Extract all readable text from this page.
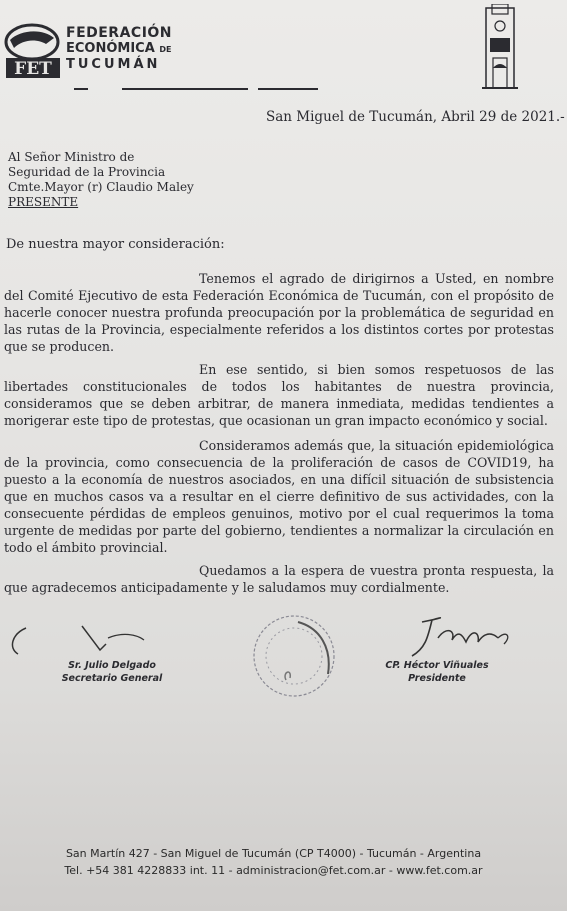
FET
FEDERACIÓN
ECONÓMICA DE
TUCUMÁN
San Miguel de Tucumán, Abril 29 de 2021.-
Al Señor Ministro de
Seguridad de la Provincia
Cmte.Mayor (r) Claudio Maley
PRESENTE
De nuestra mayor consideración:
Tenemos el agrado de dirigirnos a Usted, en nombre del Comité Ejecutivo de esta Federación Económica de Tucumán, con el propósito de hacerle conocer nuestra profunda preocupación por la problemática de seguridad en las rutas de la Provincia, especialmente referidos a los distintos cortes por protestas que se producen.
En ese sentido, si bien somos respetuosos de las libertades constitucionales de todos los habitantes de nuestra provincia, consideramos que se deben arbitrar, de manera inmediata, medidas tendientes a morigerar este tipo de protestas, que ocasionan un gran impacto económico y social.
Consideramos además que, la situación epidemiológica de la provincia, como consecuencia de la proliferación de casos de COVID19, ha puesto a la economía de nuestros asociados, en una difícil situación de subsistencia que en muchos casos va a resultar en el cierre definitivo de sus actividades, con la consecuente pérdidas de empleos genuinos, motivo por el cual requerimos la toma urgente de medidas por parte del gobierno, tendientes a normalizar la circulación en todo el ámbito provincial.
Quedamos a la espera de vuestra pronta respuesta, la que agradecemos anticipadamente y le saludamos muy cordialmente.
Sr. Julio Delgado
Secretario General
CP. Héctor Viñuales
Presidente
San Martín 427 - San Miguel de Tucumán (CP T4000) - Tucumán - Argentina
Tel. +54 381 4228833 int. 11 - administracion@fet.com.ar - www.fet.com.ar
